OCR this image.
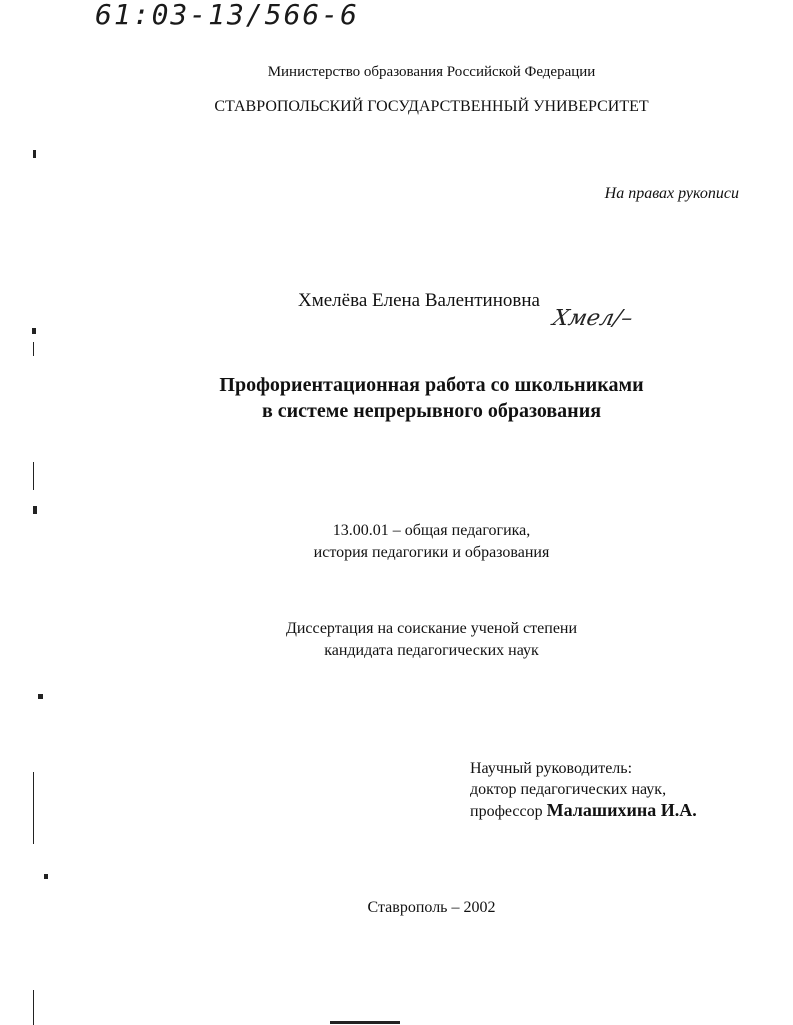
61:03-13/566-6
Министерство образования Российской Федерации
СТАВРОПОЛЬСКИЙ ГОСУДАРСТВЕННЫЙ УНИВЕРСИТЕТ
На правах рукописи
Хмелёва Елена Валентиновна
Хмел/–
Профориентационная работа со школьниками
в системе непрерывного образования
13.00.01 – общая педагогика,
история педагогики и образования
Диссертация на соискание ученой степени
кандидата педагогических наук
Научный руководитель:
доктор педагогических наук,
профессор Малашихина И.А.
Ставрополь – 2002
